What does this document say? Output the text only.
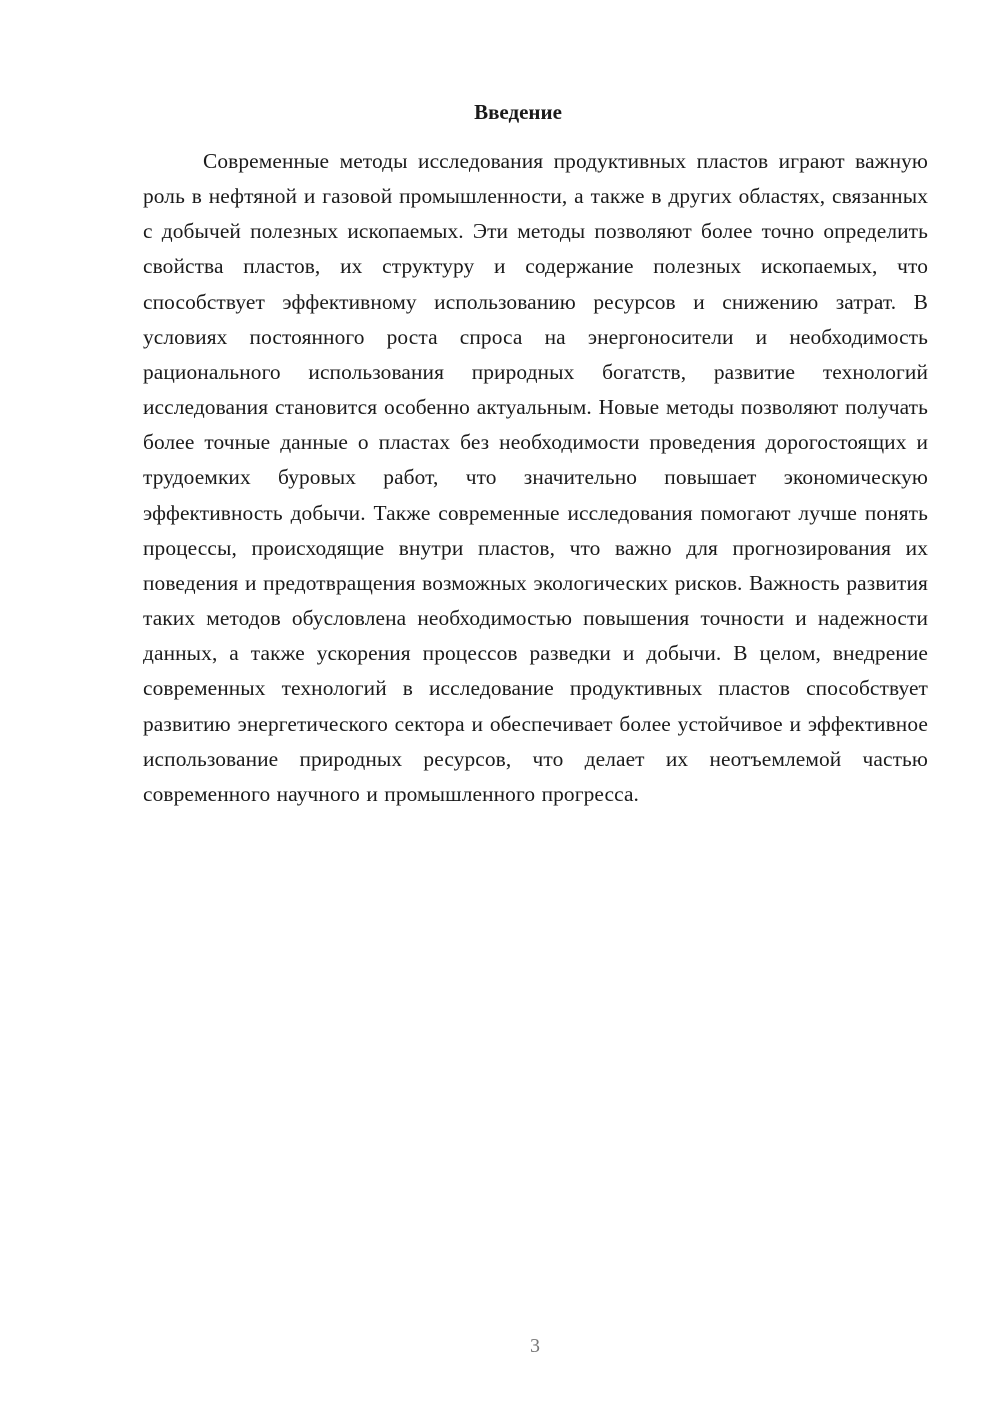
Введение

Современные методы исследования продуктивных пластов играют важную роль в нефтяной и газовой промышленности, а также в других областях, связанных с добычей полезных ископаемых. Эти методы позволяют более точно определить свойства пластов, их структуру и содержание полезных ископаемых, что способствует эффективному использованию ресурсов и снижению затрат. В условиях постоянного роста спроса на энергоносители и необходимость рационального использования природных богатств, развитие технологий исследования становится особенно актуальным. Новые методы позволяют получать более точные данные о пластах без необходимости проведения дорогостоящих и трудоемких буровых работ, что значительно повышает экономическую эффективность добычи. Также современные исследования помогают лучше понять процессы, происходящие внутри пластов, что важно для прогнозирования их поведения и предотвращения возможных экологических рисков. Важность развития таких методов обусловлена необходимостью повышения точности и надежности данных, а также ускорения процессов разведки и добычи. В целом, внедрение современных технологий в исследование продуктивных пластов способствует развитию энергетического сектора и обеспечивает более устойчивое и эффективное использование природных ресурсов, что делает их неотъемлемой частью современного научного и промышленного прогресса.

3
